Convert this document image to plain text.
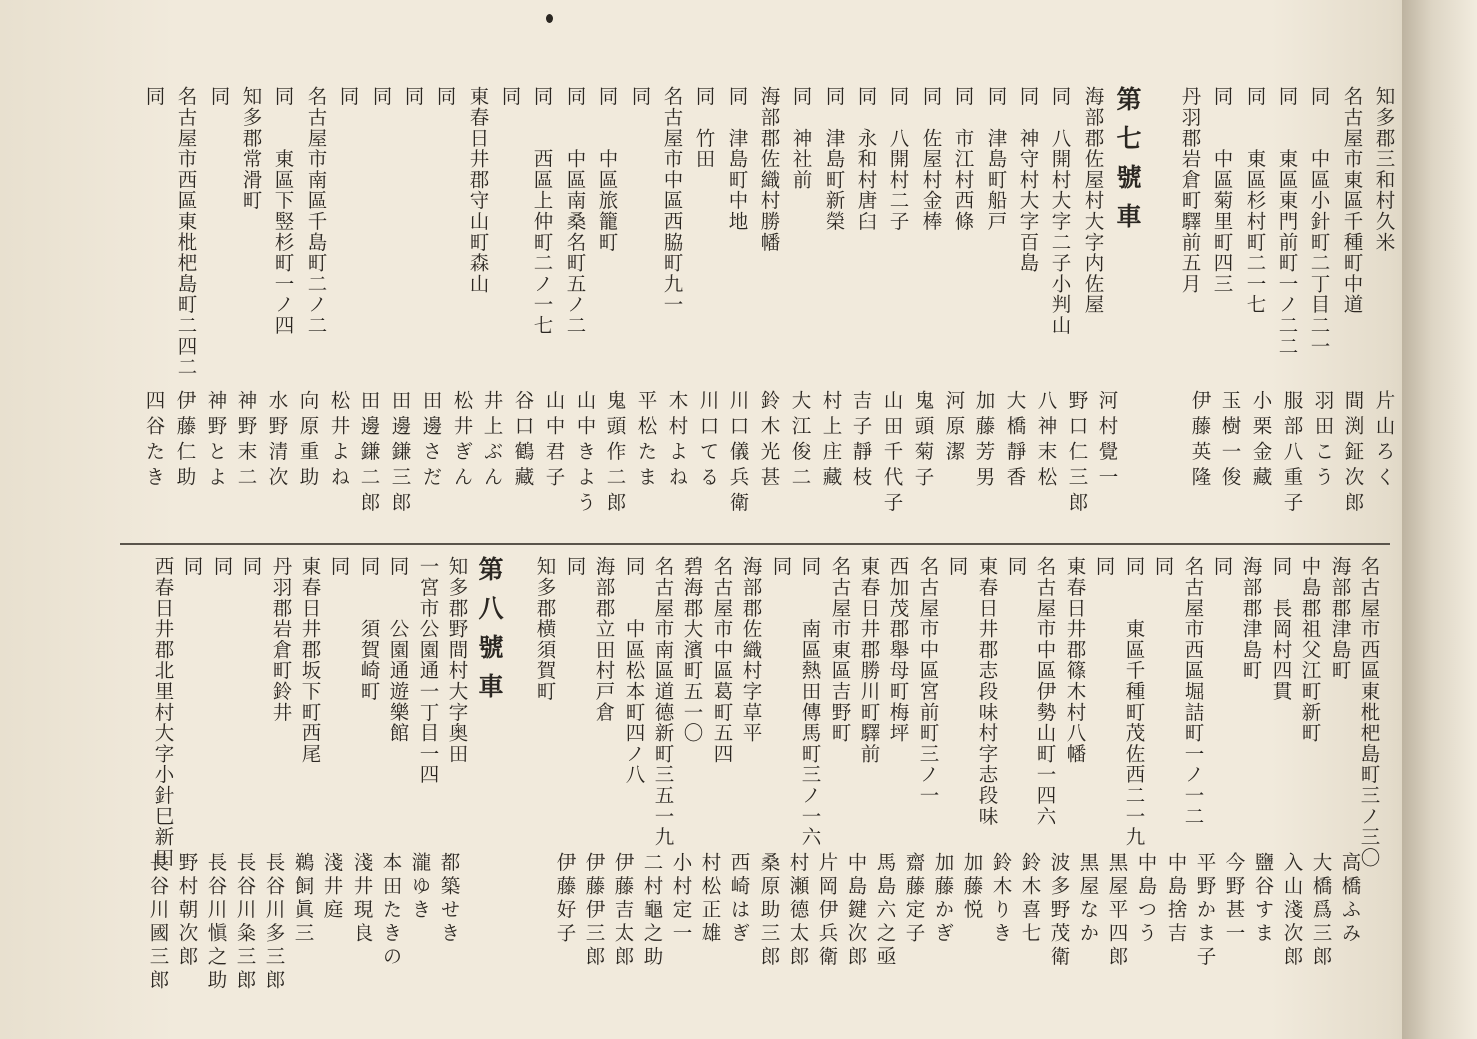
知多郡三和村久米
名古屋市東區千種町中道
同　　中區小針町二丁目二一
同　　東區東門前町一ノ二二
同　　東區杉村町二一七
同　　中區菊里町四三
丹羽郡岩倉町驛前五月
第七號車
海部郡佐屋村大字内佐屋
同　八開村大字二子小判山
同　神守村大字百島
同　津島町船戸
同　市江村西條
同　佐屋村金棒
同　八開村二子
同　永和村唐臼
同　津島町新榮
同　神社前
海部郡佐織村勝幡
同　津島町中地
同　竹田
名古屋市中區西脇町九一
同
同　　中區旅籠町
同　　中區南桑名町五ノ二
同　　西區上仲町二ノ一七
同
東春日井郡守山町森山
同
同
同
同
名古屋市南區千島町二ノ二
同　　東區下竪杉町一ノ四
知多郡常滑町
同
名古屋市西區東枇杷島町二四二
同
片山ろく
間渕鉦次郎
羽田こう
服部八重子
小栗金藏
玉樹一俊
伊藤英隆
河村覺一
野口仁三郎
八神末松
大橋靜香
加藤芳男
河原潔
鬼頭菊子
山田千代子
吉子靜枝
村上庄藏
大江俊二
鈴木光甚
川口儀兵衛
川口てる
木村よね
平松たま
鬼頭作二郎
山中きよう
山中君子
谷口鶴藏
井上ぶん
松井ぎん
田邊さだ
田邊鎌三郎
田邊鎌二郎
松井よね
向原重助
水野清次
神野末二
神野とよ
伊藤仁助
四谷たき
名古屋市西區東枇杷島町三ノ三〇
海部郡津島町
中島郡祖父江町新町
同　長岡村四貫
海部郡津島町
同
名古屋市西區堀詰町一ノ一二
同
同　　東區千種町茂佐西二一九
同
東春日井郡篠木村八幡
名古屋市中區伊勢山町一四六
同
東春日井郡志段味村字志段味
同
名古屋市中區宮前町三ノ一
西加茂郡舉母町梅坪
東春日井郡勝川町驛前
名古屋市東區吉野町
同　　南區熱田傳馬町三ノ一六
同
海部郡佐織村字草平
名古屋市中區葛町五四
碧海郡大濱町五一〇
名古屋市南區道德新町三五一九
同　　中區松本町四ノ八
海部郡立田村戸倉
同
知多郡横須賀町
第八號車
知多郡野間村大字奥田
一宮市公園通一丁目一四
同　　公園通遊樂館
同　　須賀崎町
同
東春日井郡坂下町西尾
丹羽郡岩倉町鈴井
同
同
同
西春日井郡北里村大字小針巳新田
高橋ふみ
大橋爲三郎
入山淺次郎
鹽谷すま
今野甚一
平野かま子
中島捨吉
中島つう
黒屋平四郎
黒屋なか
波多野茂衛
鈴木喜七
鈴木りき
加藤悦
加藤かぎ
齋藤定子
馬島六之亟
中島鍵次郎
片岡伊兵衛
村瀬德太郎
桑原助三郎
西崎はぎ
村松正雄
小村定一
二村龜之助
伊藤吉太郎
伊藤伊三郎
伊藤好子
都築せき
瀧ゆき
本田たきの
淺井現良
淺井庭
鵜飼眞三
長谷川多三郎
長谷川粂三郎
長谷川愼之助
野村朝次郎
長谷川國三郎
